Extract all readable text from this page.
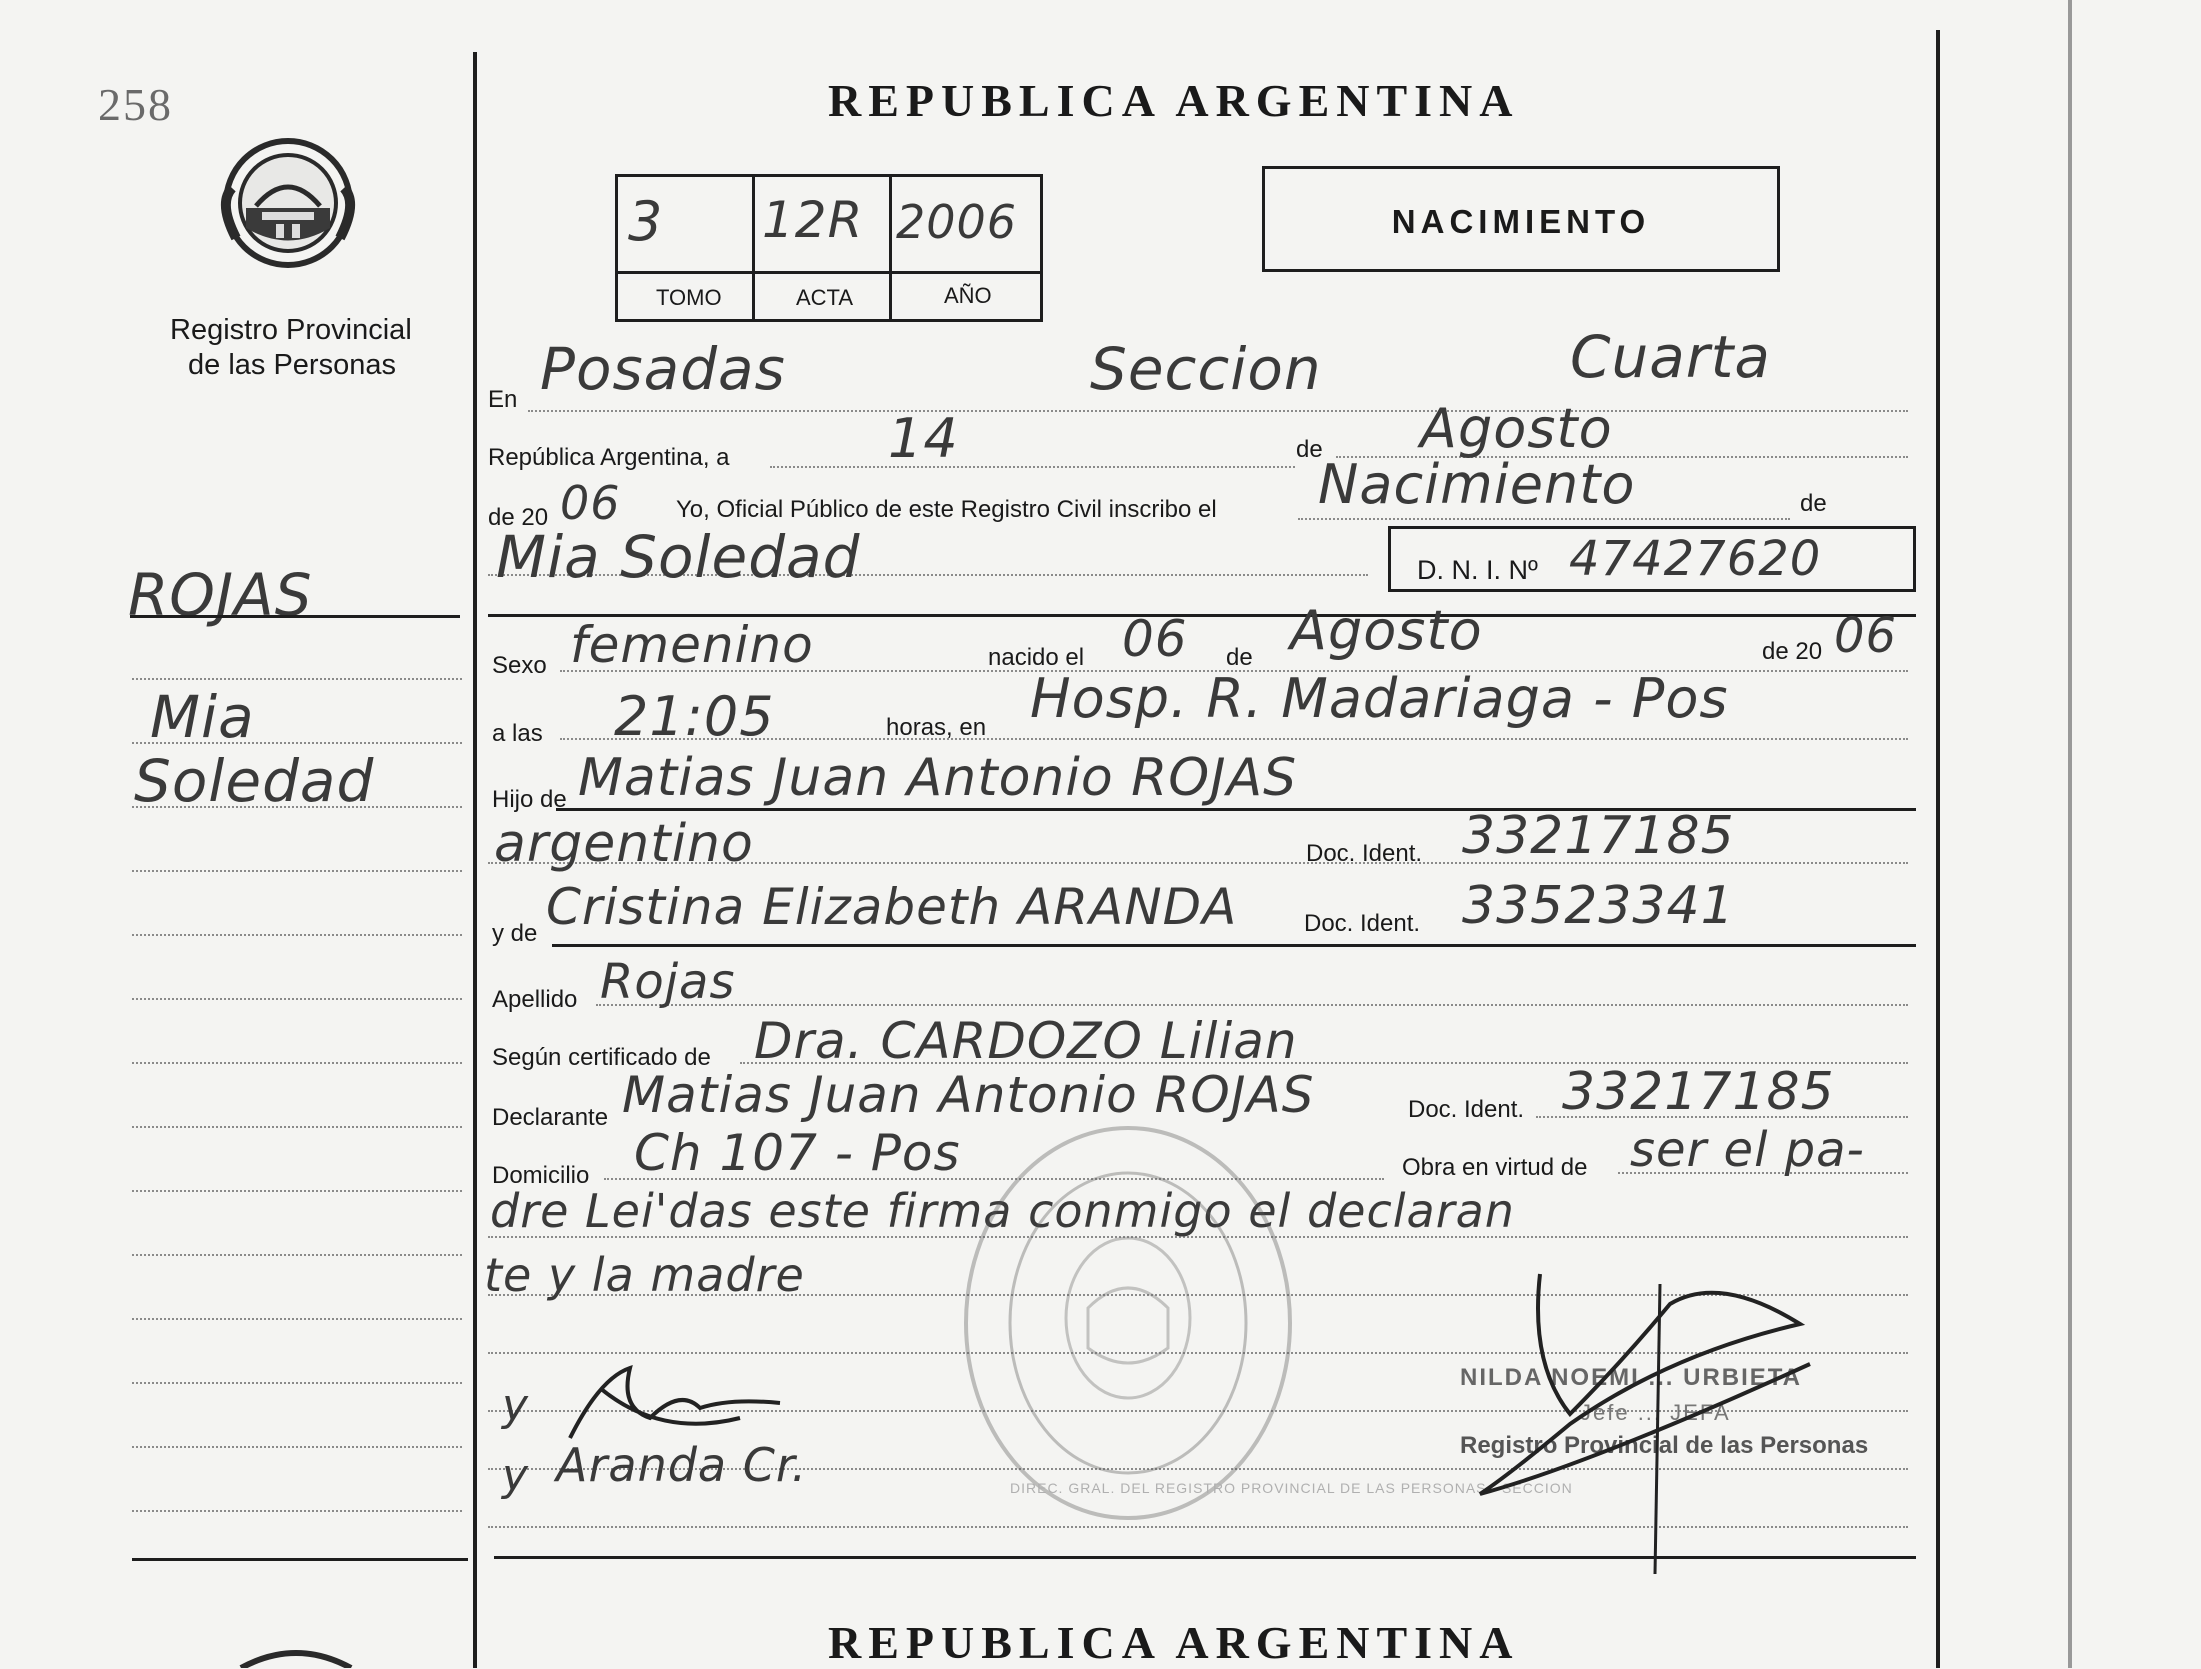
258
Registro Provincial
de las Personas
ROJAS
Mia
Soledad
REPUBLICA ARGENTINA
3 12R 2006
TOMO	ACTA	AÑO
NACIMIENTO
En Posadas	Seccion	Cuarta
República Argentina, a	14	de Agosto
de 20 06 Yo, Oficial Público de este Registro Civil inscribo el Nacimiento	de
Mia Soledad	D. N. I. Nº 47427620
Sexo femenino	nacido el 06 de Agosto	de 20 06
a las 21:05	horas, en Hosp. R. Madariaga - Pos
Hijo de Matias Juan Antonio ROJAS
argentino	Doc. Ident. 33217185
y de Cristina Elizabeth ARANDA	Doc. Ident. 33523341
Apellido Rojas
Según certificado de Dra. CARDOZO Lilian
Declarante Matias Juan Antonio ROJAS	Doc. Ident. 33217185
Domicilio Ch 107 - Pos	Obra en virtud de ser el pa-
dre Lei'das este firma conmigo el declaran
te y la madre
DIREC. GRAL. DEL REGISTRO PROVINCIAL DE LAS PERSONAS - SECCION
NILDA NOEMI ... URBIETA
Jefe ... JEFA
Registro Provincial de las Personas
y
y Aranda Cr.
REPUBLICA ARGENTINA
